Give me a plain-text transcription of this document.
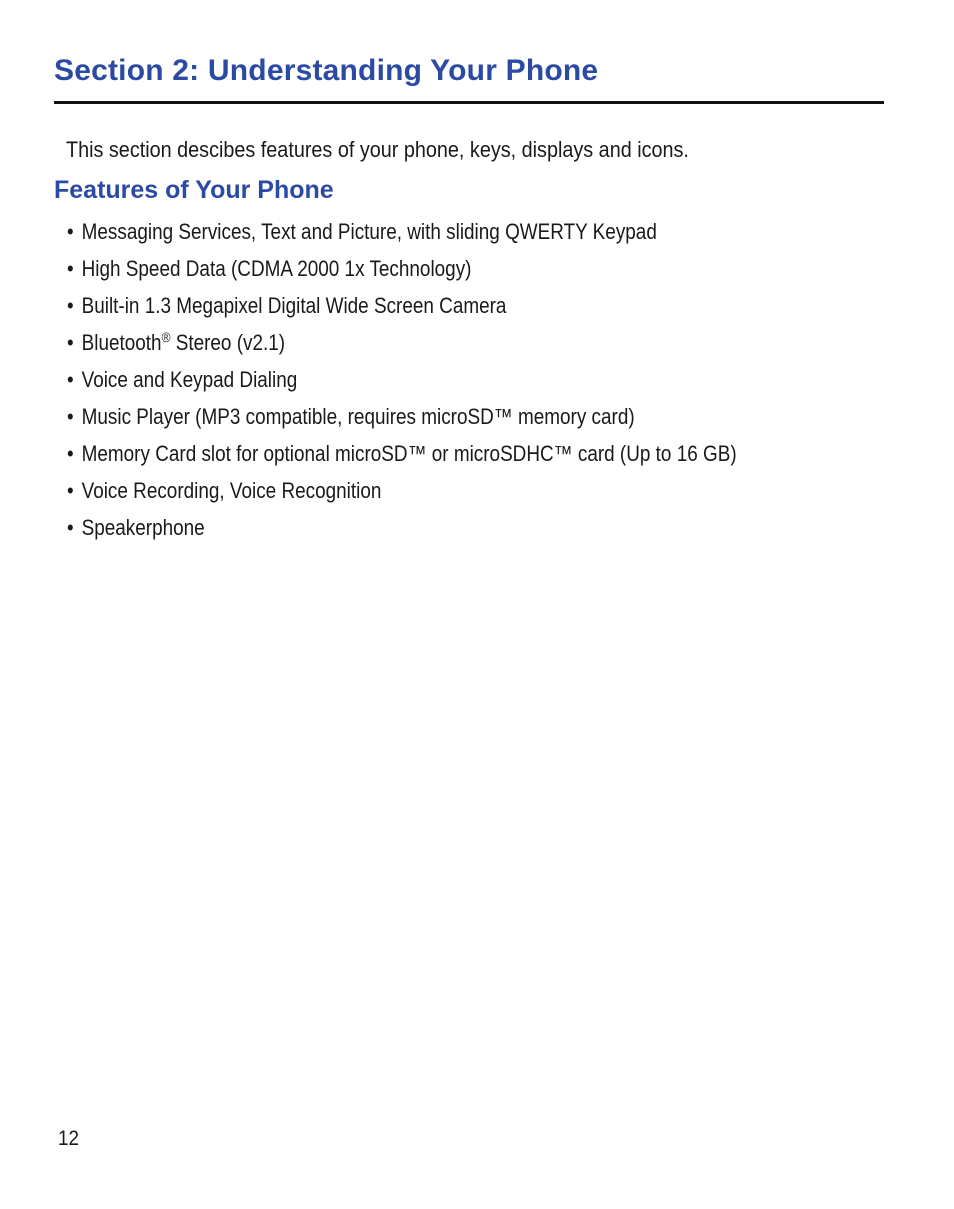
Section 2: Understanding Your Phone

This section descibes features of your phone, keys, displays and icons.

Features of Your Phone
• Messaging Services, Text and Picture, with sliding QWERTY Keypad
• High Speed Data (CDMA 2000 1x Technology)
• Built-in 1.3 Megapixel Digital Wide Screen Camera
• Bluetooth® Stereo (v2.1)
• Voice and Keypad Dialing
• Music Player (MP3 compatible, requires microSD™ memory card)
• Memory Card slot for optional microSD™ or microSDHC™ card (Up to 16 GB)
• Voice Recording, Voice Recognition
• Speakerphone
12
